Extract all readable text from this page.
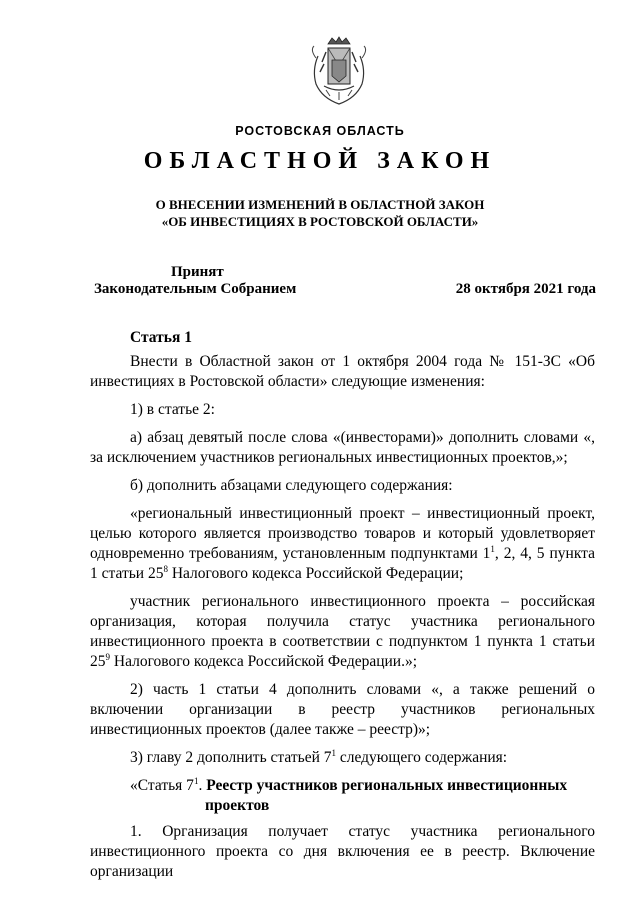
РОСТОВСКАЯ ОБЛАСТЬ
ОБЛАСТНОЙ ЗАКОН
О ВНЕСЕНИИ ИЗМЕНЕНИЙ В ОБЛАСТНОЙ ЗАКОН
«ОБ ИНВЕСТИЦИЯХ В РОСТОВСКОЙ ОБЛАСТИ»
Принят
Законодательным Собранием	28 октября 2021 года

Статья 1

Внести в Областной закон от 1 октября 2004 года № 151-ЗС «Об инвестициях в Ростовской области» следующие изменения:

1) в статье 2:

а) абзац девятый после слова «(инвесторами)» дополнить словами «, за исключением участников региональных инвестиционных проектов,»;

б) дополнить абзацами следующего содержания:

«региональный инвестиционный проект – инвестиционный проект, целью которого является производство товаров и который удовлетворяет одновременно требованиям, установленным подпунктами $1^1$, 2, 4, 5 пункта 1 статьи $25^8$ Налогового кодекса Российской Федерации;

участник регионального инвестиционного проекта – российская организация, которая получила статус участника регионального инвестиционного проекта в соответствии с подпунктом 1 пункта 1 статьи $25^9$ Налогового кодекса Российской Федерации.»;

2) часть 1 статьи 4 дополнить словами «, а также решений о включении организации в реестр участников региональных инвестиционных проектов (далее также – реестр)»;

3) главу 2 дополнить статьей $7^1$ следующего содержания:

«Статья $7^1$. Реестр участников региональных инвестиционных
проектов

1. Организация получает статус участника регионального инвестиционного проекта со дня включения ее в реестр. Включение организации
